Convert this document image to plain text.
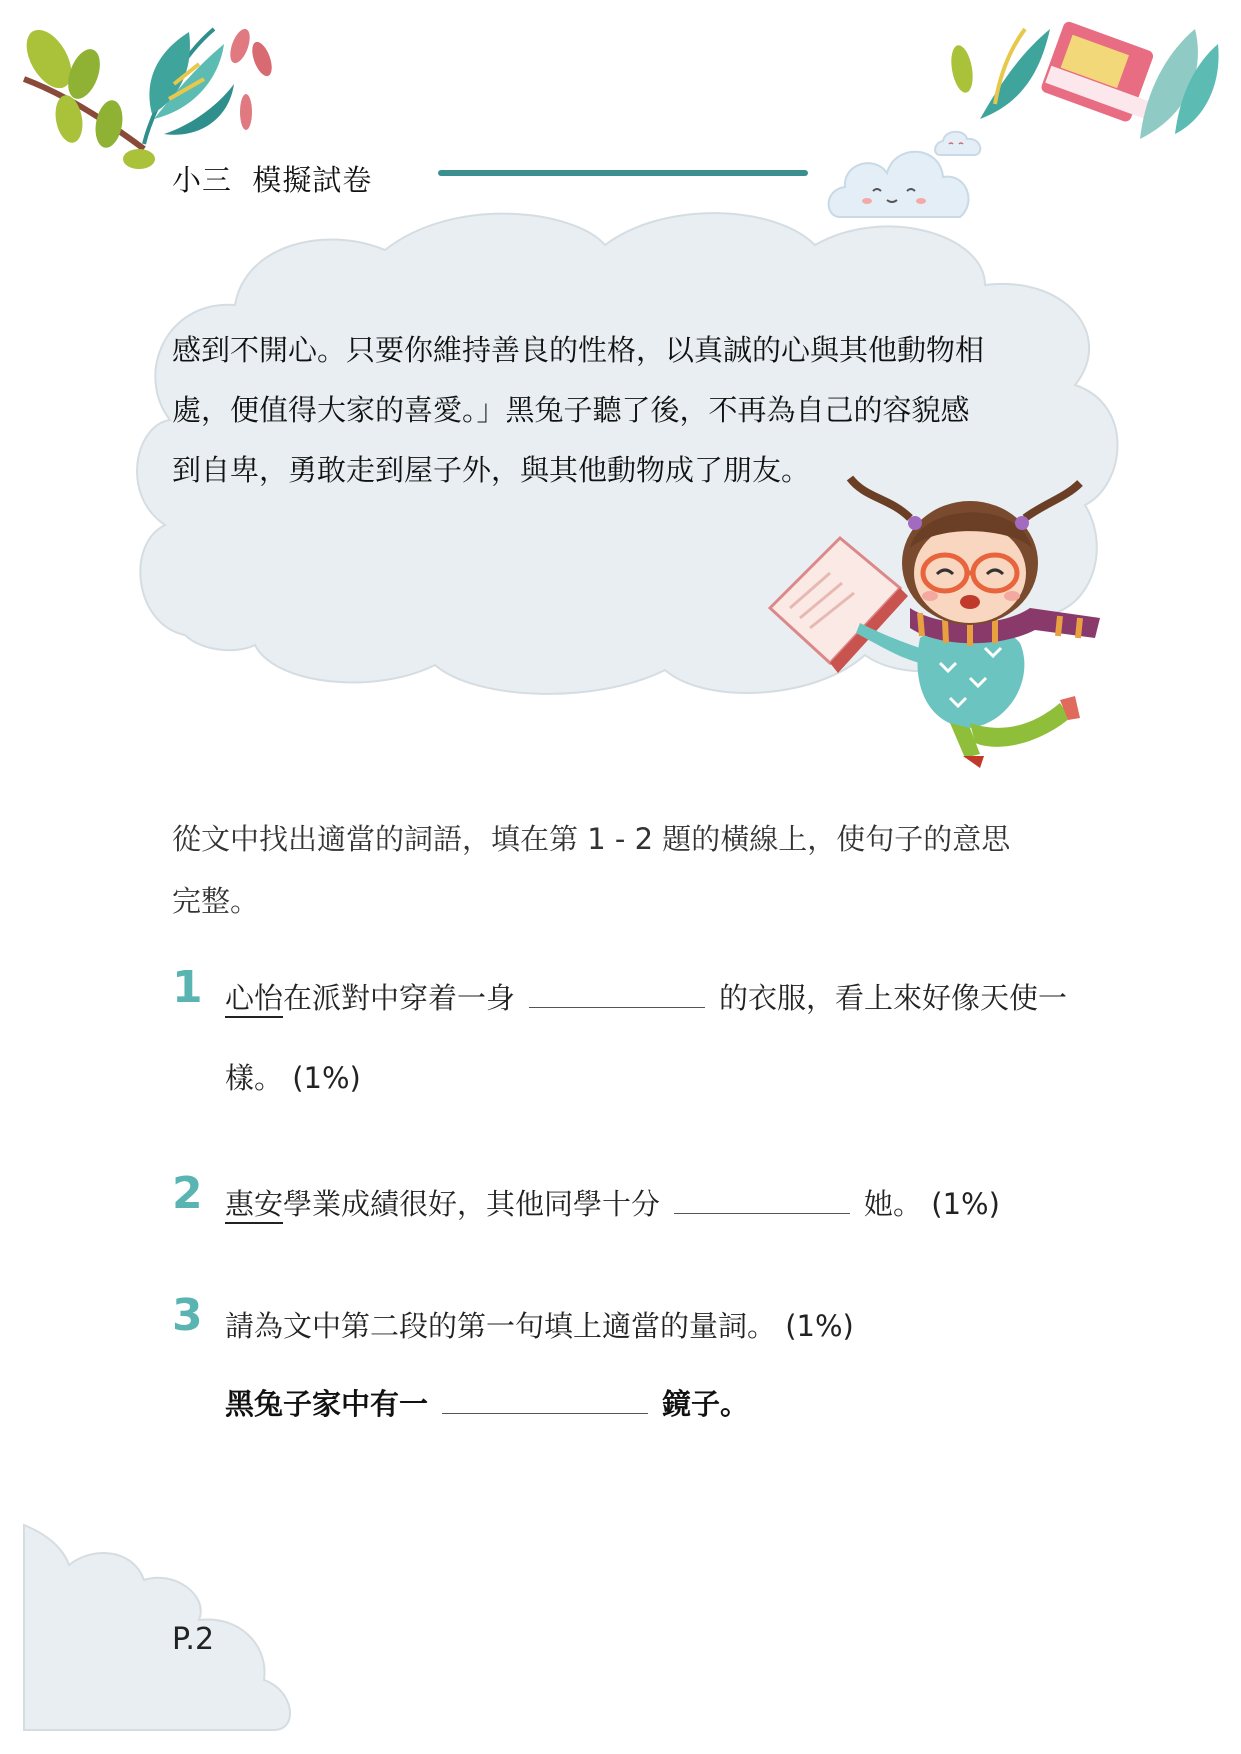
小三  模擬試卷

感到不開心。只要你維持善良的性格，以真誠的心與其他動物相

處，便值得大家的喜愛。」黑兔子聽了後，不再為自己的容貌感

到自卑，勇敢走到屋子外，與其他動物成了朋友。

從文中找出適當的詞語，填在第 1 - 2 題的橫線上，使句子的意思

完整。

1 心怡在派對中穿着一身	的衣服，看上來好像天使一
樣。 (1%)
2 惠安學業成績很好，其他同學十分	她。 (1%)
3 請為文中第二段的第一句填上適當的量詞。 (1%)
黑兔子家中有一	鏡子。
P.2
